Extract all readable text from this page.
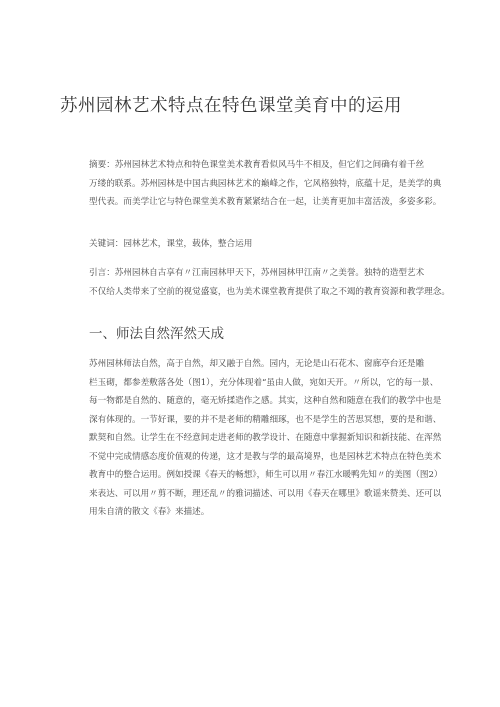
苏州园林艺术特点在特色课堂美育中的运用
摘要：苏州园林艺术特点和特色课堂美术教育看似风马牛不相及，但它们之间确有着千丝
万缕的联系。苏州园林是中国古典园林艺术的巅峰之作，它风格独特，底蕴十足，是美学的典
型代表。而美学让它与特色课堂美术教育紧紧结合在一起，让美育更加丰富活泼，多姿多彩。
关键词：园林艺术，课堂，载体，整合运用
引言：苏州园林自古享有〃江南园林甲天下，苏州园林甲江南〃之美誉。独特的造型艺术
不仅给人类带来了空前的视觉盛宴，也为美术课堂教育提供了取之不竭的教育资源和教学理念。
一、师法自然浑然天成
苏州园林师法自然，高于自然，却又融于自然。园内，无论是山石花木、窗廊亭台还是雕
栏玉砌，都参差敷落各处（图1），充分体现着“虽由人做，宛如天开。〃所以，它的每一景、
每一物都是自然的、随意的，毫无矫揉造作之感。其实，这种自然和随意在我们的教学中也是
深有体现的。一节好课，要的并不是老师的精雕细琢，也不是学生的苦思冥想，要的是和谐、
默契和自然。让学生在不经意间走进老师的教学设计、在随意中掌握新知识和新技能、在浑然
不觉中完成情感态度价值观的传递，这才是教与学的最高境界，也是园林艺术特点在特色美术
教育中的整合运用。例如授课《春天的畅想》，师生可以用〃春江水暖鸭先知〃的美图（图2）
来表达、可以用〃剪不断，理还乱〃的雅词描述、可以用《春天在哪里》歌谣来赞美、还可以
用朱自清的散文《春》来描述。
